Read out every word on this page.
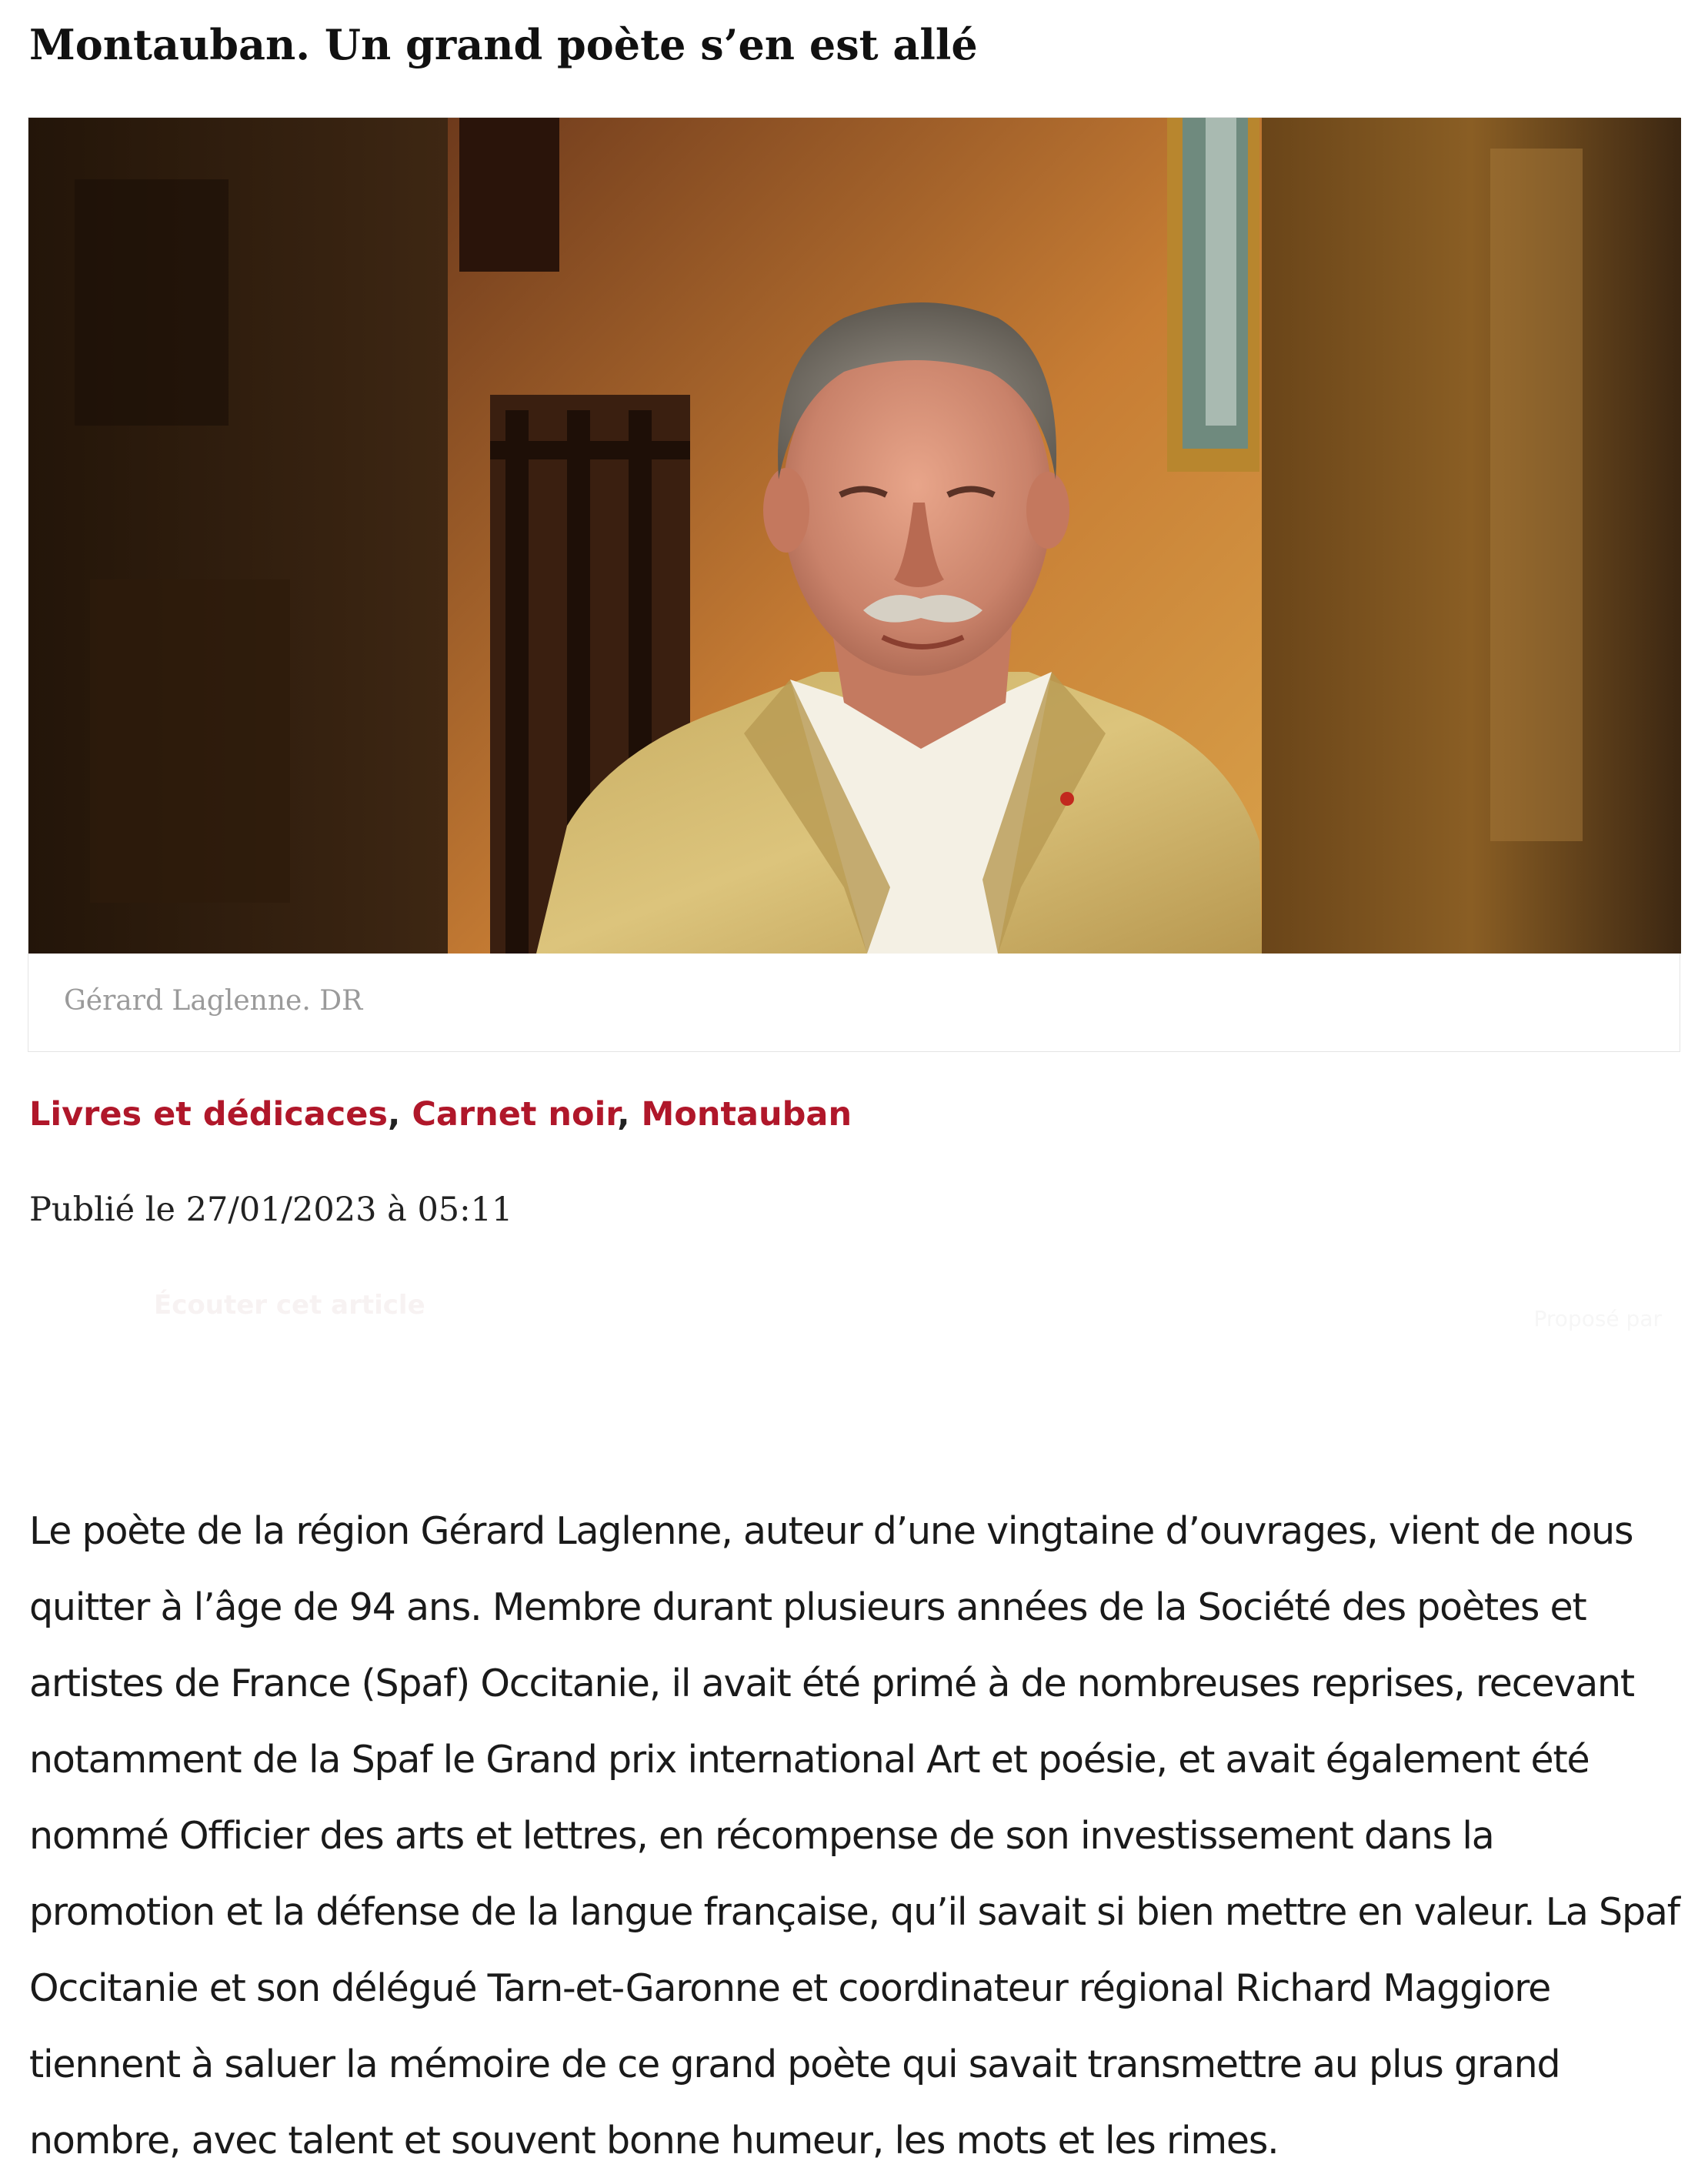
Montauban. Un grand poète s’en est allé
Gérard Laglenne. DR
Livres et dédicaces, Carnet noir, Montauban
Publié le 27/01/2023 à 05:11
Écouter cet article	Proposé par

Le poète de la région Gérard Laglenne, auteur d’une vingtaine d’ouvrages, vient de nous quitter à l’âge de 94 ans. Membre durant plusieurs années de la Société des poètes et artistes de France (Spaf) Occitanie, il avait été primé à de nombreuses reprises, recevant notamment de la Spaf le Grand prix international Art et poésie, et avait également été nommé Officier des arts et lettres, en récompense de son investissement dans la promotion et la défense de la langue française, qu’il savait si bien mettre en valeur. La Spaf Occitanie et son délégué Tarn-et-Garonne et coordinateur régional Richard Maggiore tiennent à saluer la mémoire de ce grand poète qui savait transmettre au plus grand nombre, avec talent et souvent bonne humeur, les mots et les rimes.
